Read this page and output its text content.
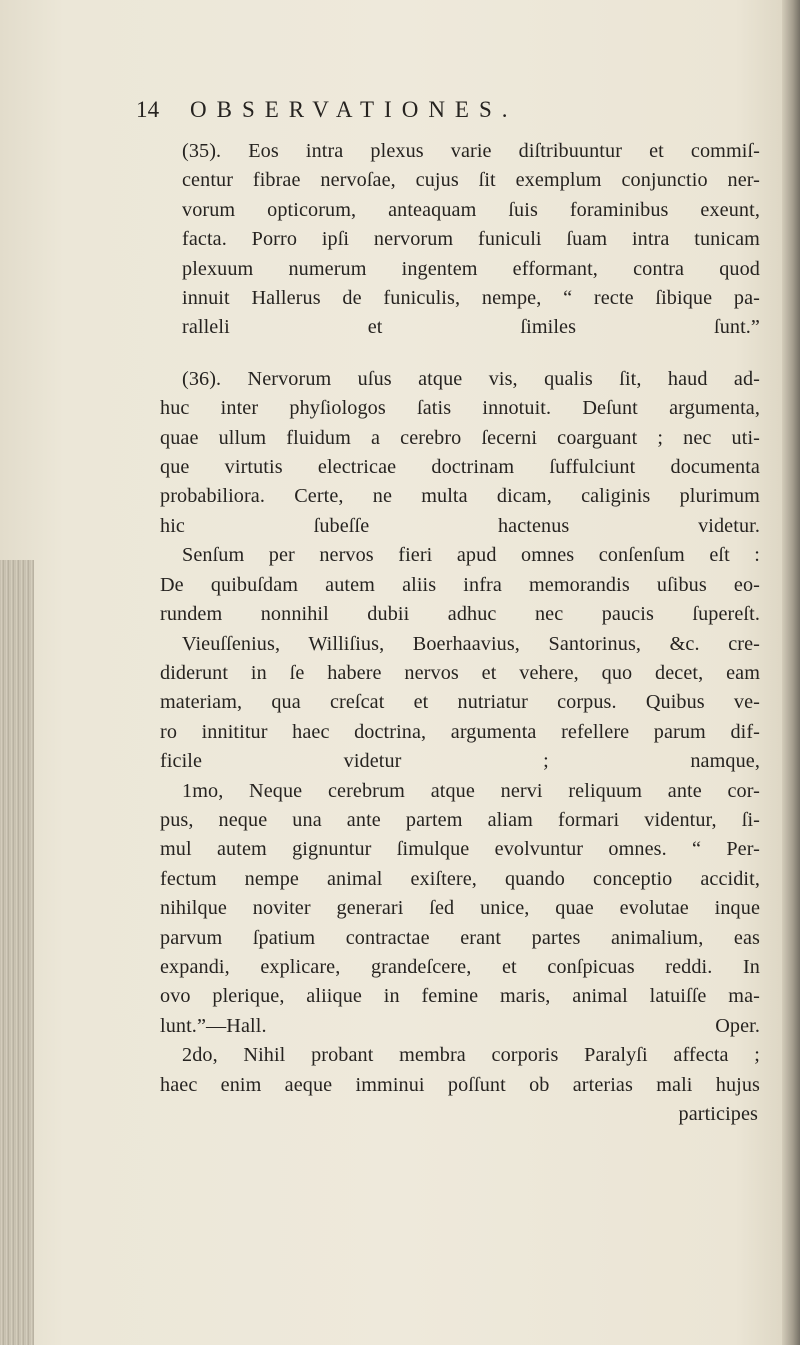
14 OBSERVATIONES.
(35). Eos intra plexus varie diſtribuuntur et commiſ-
centur fibrae nervoſae, cujus ſit exemplum conjunctio ner-
vorum opticorum, anteaquam ſuis foraminibus exeunt,
facta. Porro ipſi nervorum funiculi ſuam intra tunicam
plexuum numerum ingentem efformant, contra quod
innuit Hallerus de funiculis, nempe, “ recte ſibique pa-
ralleli et ſimiles ſunt.”
(36). Nervorum uſus atque vis, qualis ſit, haud ad-
huc inter phyſiologos ſatis innotuit. Deſunt argumenta,
quae ullum fluidum a cerebro ſecerni coarguant ; nec uti-
que virtutis electricae doctrinam ſuffulciunt documenta
probabiliora. Certe, ne multa dicam, caliginis plurimum
hic ſubeſſe hactenus videtur.
Senſum per nervos fieri apud omnes conſenſum eſt :
De quibuſdam autem aliis infra memorandis uſibus eo-
rundem nonnihil dubii adhuc nec paucis ſupereſt.
Vieuſſenius, Williſius, Boerhaavius, Santorinus, &c. cre-
diderunt in ſe habere nervos et vehere, quo decet, eam
materiam, qua creſcat et nutriatur corpus. Quibus ve-
ro innititur haec doctrina, argumenta refellere parum dif-
ficile videtur ; namque,
1mo, Neque cerebrum atque nervi reliquum ante cor-
pus, neque una ante partem aliam formari videntur, ſi-
mul autem gignuntur ſimulque evolvuntur omnes. “ Per-
fectum nempe animal exiſtere, quando conceptio accidit,
nihilque noviter generari ſed unice, quae evolutae inque
parvum ſpatium contractae erant partes animalium, eas
expandi, explicare, grandeſcere, et conſpicuas reddi. In
ovo plerique, aliique in femine maris, animal latuiſſe ma-
lunt.”—Hall. Oper.
2do, Nihil probant membra corporis Paralyſi affecta ;
haec enim aeque imminui poſſunt ob arterias mali hujus

participes
